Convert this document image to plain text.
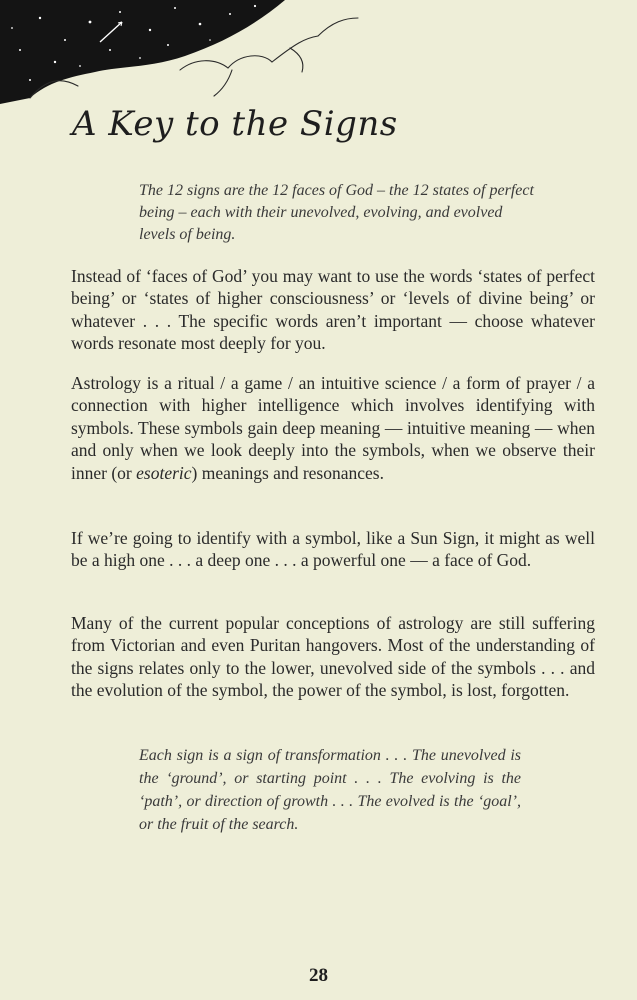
A Key to the Signs

The 12 signs are the 12 faces of God – the 12 states of perfect being – each with their unevolved, evolving, and evolved levels of being.

Instead of ‘faces of God’ you may want to use the words ‘states of perfect being’ or ‘states of higher consciousness’ or ‘levels of divine being’ or whatever . . . The specific words aren’t important — choose whatever words resonate most deeply for you.

Astrology is a ritual / a game / an intuitive science / a form of prayer / a connection with higher intelligence which involves identifying with symbols. These symbols gain deep meaning — intuitive meaning — when and only when we look deeply into the symbols, when we observe their inner (or esoteric) meanings and resonances.

If we’re going to identify with a symbol, like a Sun Sign, it might as well be a high one . . . a deep one . . . a powerful one — a face of God.

Many of the current popular conceptions of astrology are still suffering from Victorian and even Puritan hangovers. Most of the understanding of the signs relates only to the lower, unevolved side of the symbols . . . and the evolution of the symbol, the power of the symbol, is lost, forgotten.

Each sign is a sign of transformation . . . The unevolved is the ‘ground’, or starting point . . . The evolving is the ‘path’, or direction of growth . . . The evolved is the ‘goal’, or the fruit of the search.

28
